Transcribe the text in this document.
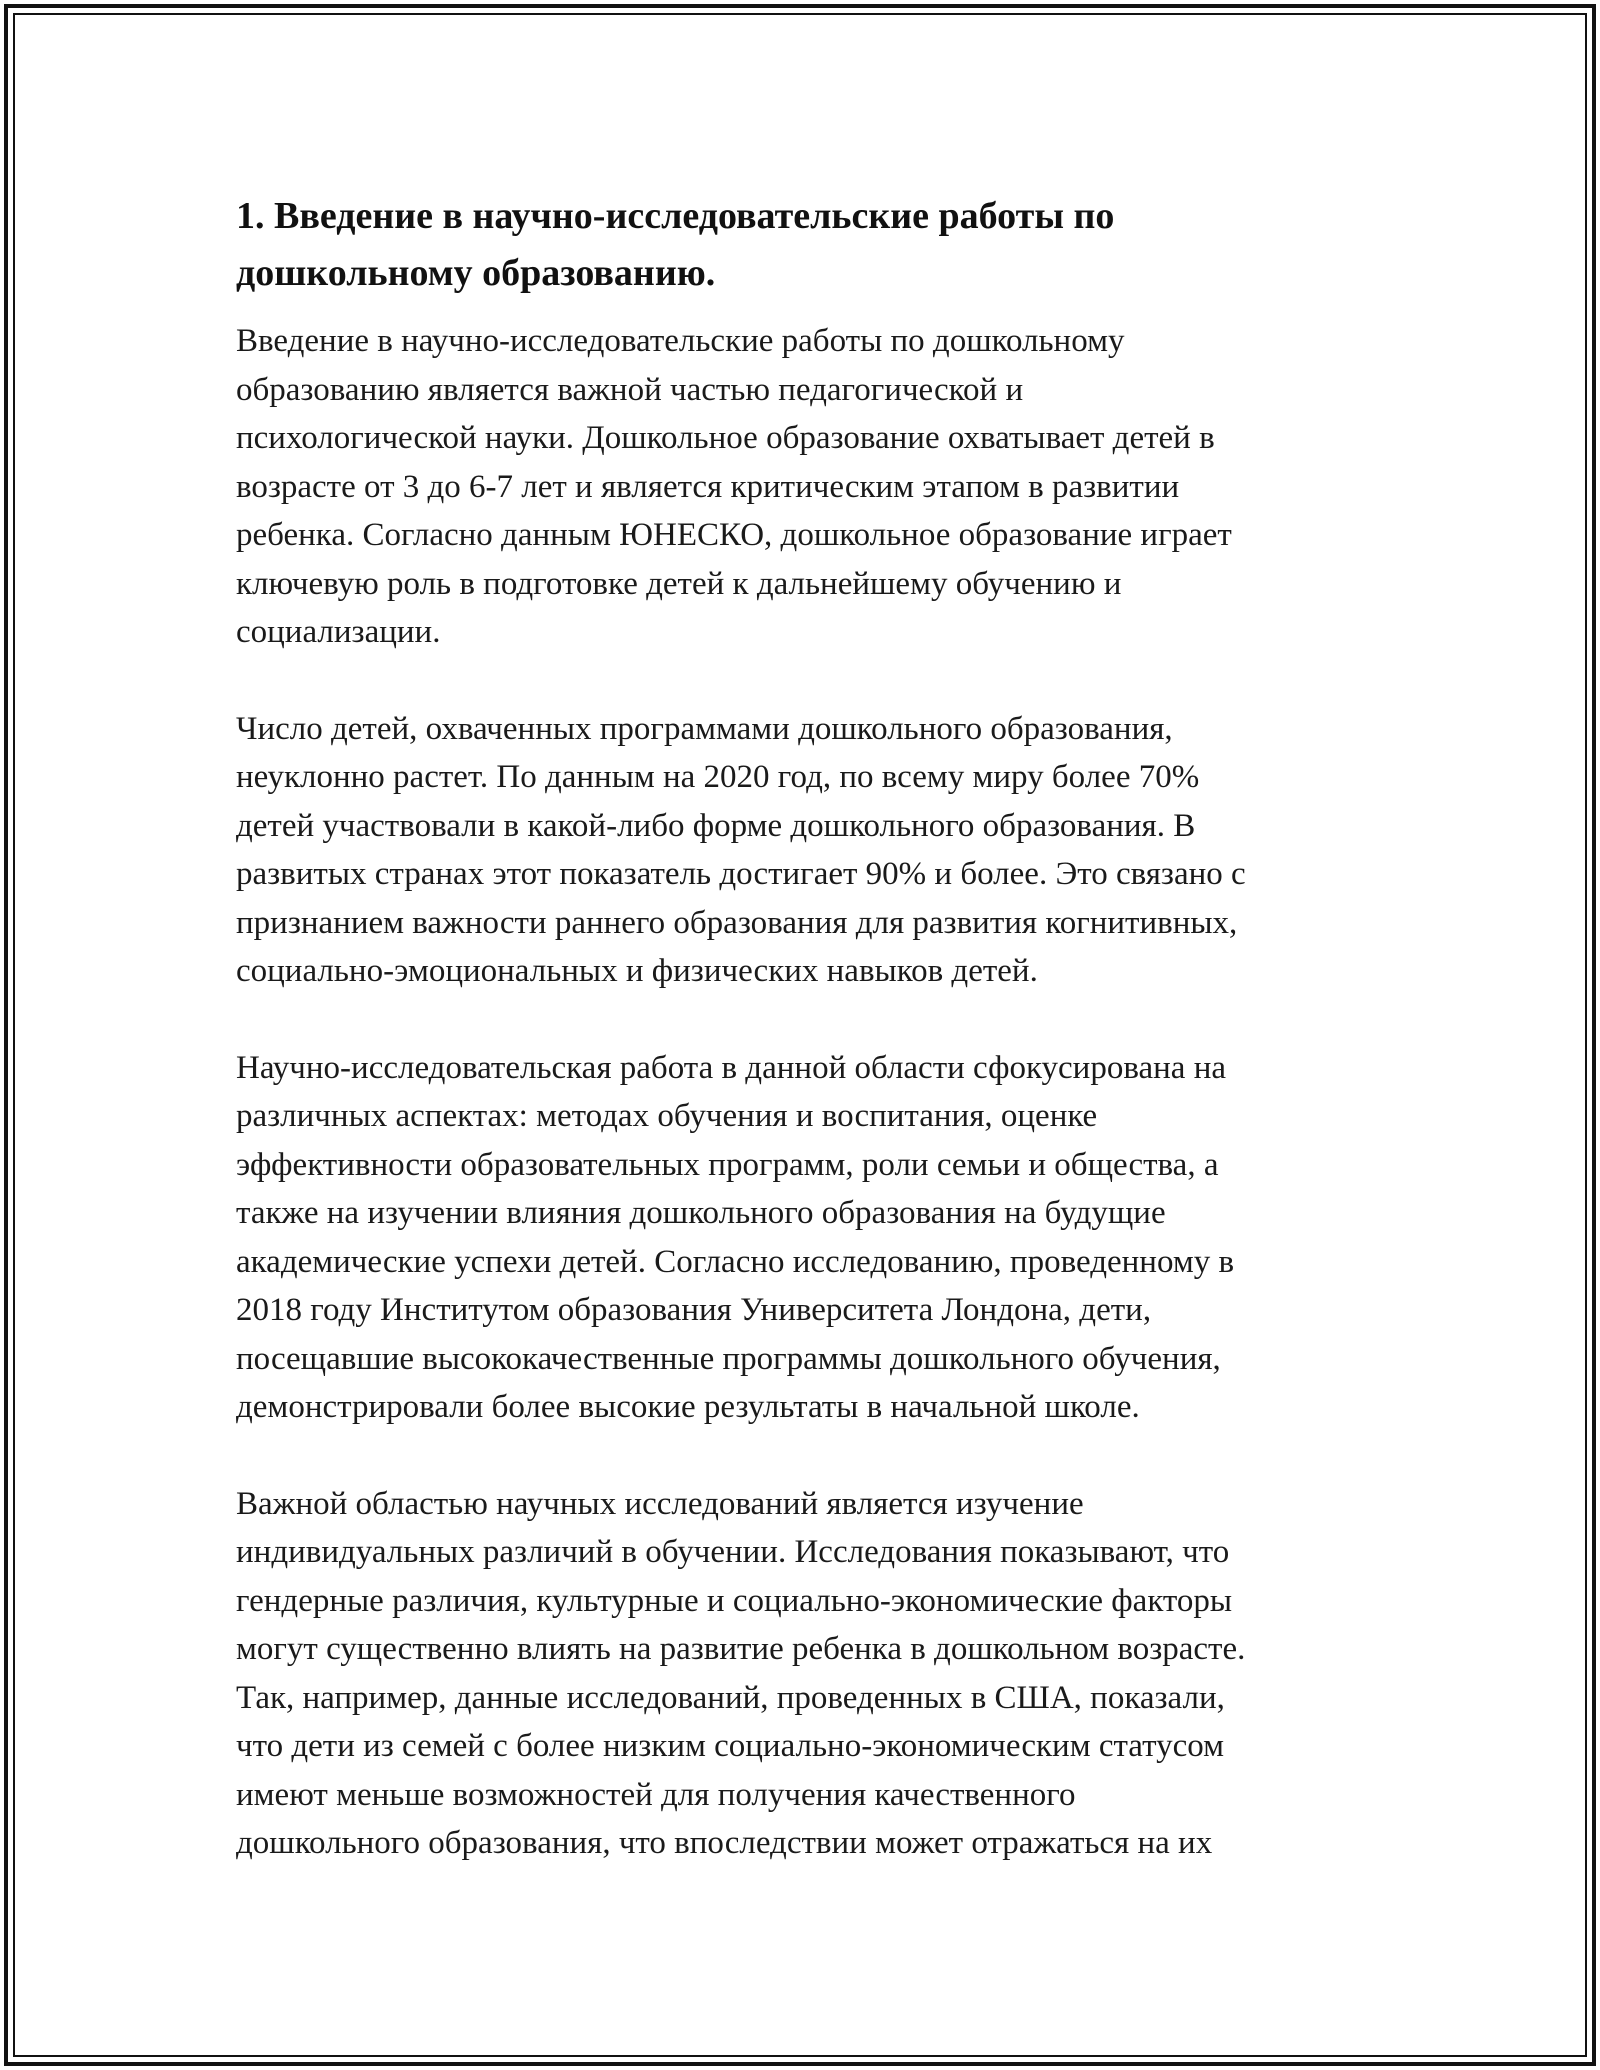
1. Введение в научно-исследовательские работы по
дошкольному образованию.

Введение в научно-исследовательские работы по дошкольному
образованию является важной частью педагогической и
психологической науки. Дошкольное образование охватывает детей в
возрасте от 3 до 6-7 лет и является критическим этапом в развитии
ребенка. Согласно данным ЮНЕСКО, дошкольное образование играет
ключевую роль в подготовке детей к дальнейшему обучению и
социализации.

Число детей, охваченных программами дошкольного образования,
неуклонно растет. По данным на 2020 год, по всему миру более 70%
детей участвовали в какой-либо форме дошкольного образования. В
развитых странах этот показатель достигает 90% и более. Это связано с
признанием важности раннего образования для развития когнитивных,
социально-эмоциональных и физических навыков детей.

Научно-исследовательская работа в данной области сфокусирована на
различных аспектах: методах обучения и воспитания, оценке
эффективности образовательных программ, роли семьи и общества, а
также на изучении влияния дошкольного образования на будущие
академические успехи детей. Согласно исследованию, проведенному в
2018 году Институтом образования Университета Лондона, дети,
посещавшие высококачественные программы дошкольного обучения,
демонстрировали более высокие результаты в начальной школе.

Важной областью научных исследований является изучение
индивидуальных различий в обучении. Исследования показывают, что
гендерные различия, культурные и социально-экономические факторы
могут существенно влиять на развитие ребенка в дошкольном возрасте.
Так, например, данные исследований, проведенных в США, показали,
что дети из семей с более низким социально-экономическим статусом
имеют меньше возможностей для получения качественного
дошкольного образования, что впоследствии может отражаться на их
